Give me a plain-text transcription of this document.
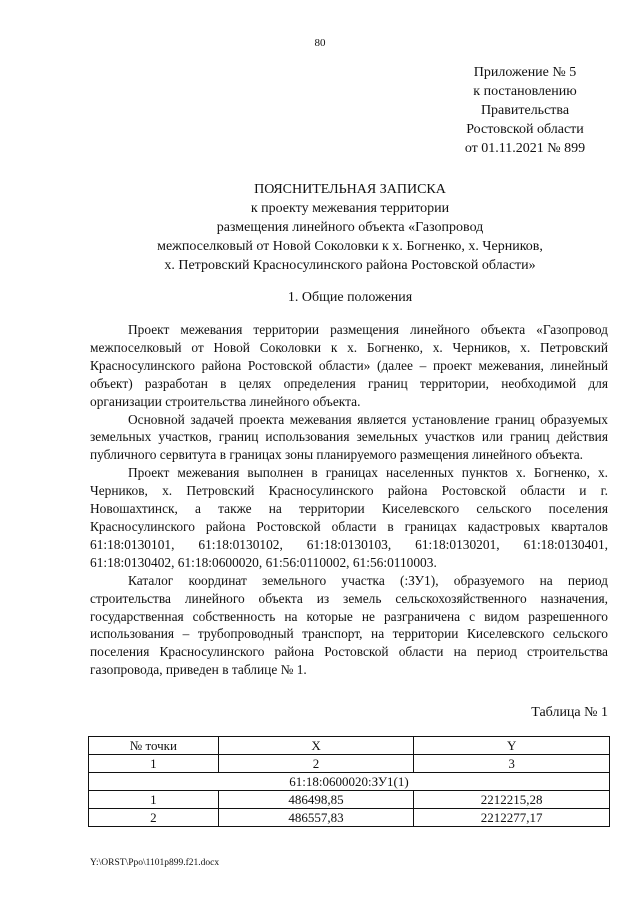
80
Приложение № 5
к постановлению
Правительства
Ростовской области
от 01.11.2021 № 899
ПОЯСНИТЕЛЬНАЯ ЗАПИСКА
к проекту межевания территории
размещения линейного объекта «Газопровод
межпоселковый от Новой Соколовки к х. Богненко, х. Черников,
х. Петровский Красносулинского района Ростовской области»
1. Общие положения

Проект межевания территории размещения линейного объекта «Газопровод межпоселковый от Новой Соколовки к х. Богненко, х. Черников, х. Петровский Красносулинского района Ростовской области» (далее – проект межевания, линейный объект) разработан в целях определения границ территории, необходимой для организации строительства линейного объекта.

Основной задачей проекта межевания является установление границ образуемых земельных участков, границ использования земельных участков или границ действия публичного сервитута в границах зоны планируемого размещения линейного объекта.

Проект межевания выполнен в границах населенных пунктов х. Богненко, х. Черников, х. Петровский Красносулинского района Ростовской области и г. Новошахтинск, а также на территории Киселевского сельского поселения Красносулинского района Ростовской области в границах кадастровых кварталов 61:18:0130101, 61:18:0130102, 61:18:0130103, 61:18:0130201, 61:18:0130401, 61:18:0130402, 61:18:0600020, 61:56:0110002, 61:56:0110003.

Каталог координат земельного участка (:ЗУ1), образуемого на период строительства линейного объекта из земель сельскохозяйственного назначения, государственная собственность на которые не разграничена с видом разрешенного использования – трубопроводный транспорт, на территории Киселевского сельского поселения Красносулинского района Ростовской области на период строительства газопровода, приведен в таблице № 1.

Таблица № 1
№ точки	X	Y
1	2	3
61:18:0600020:ЗУ1(1)		
1	486498,85	2212215,28
2	486557,83	2212277,17
Y:\ORST\Ppo\1101p899.f21.docx
